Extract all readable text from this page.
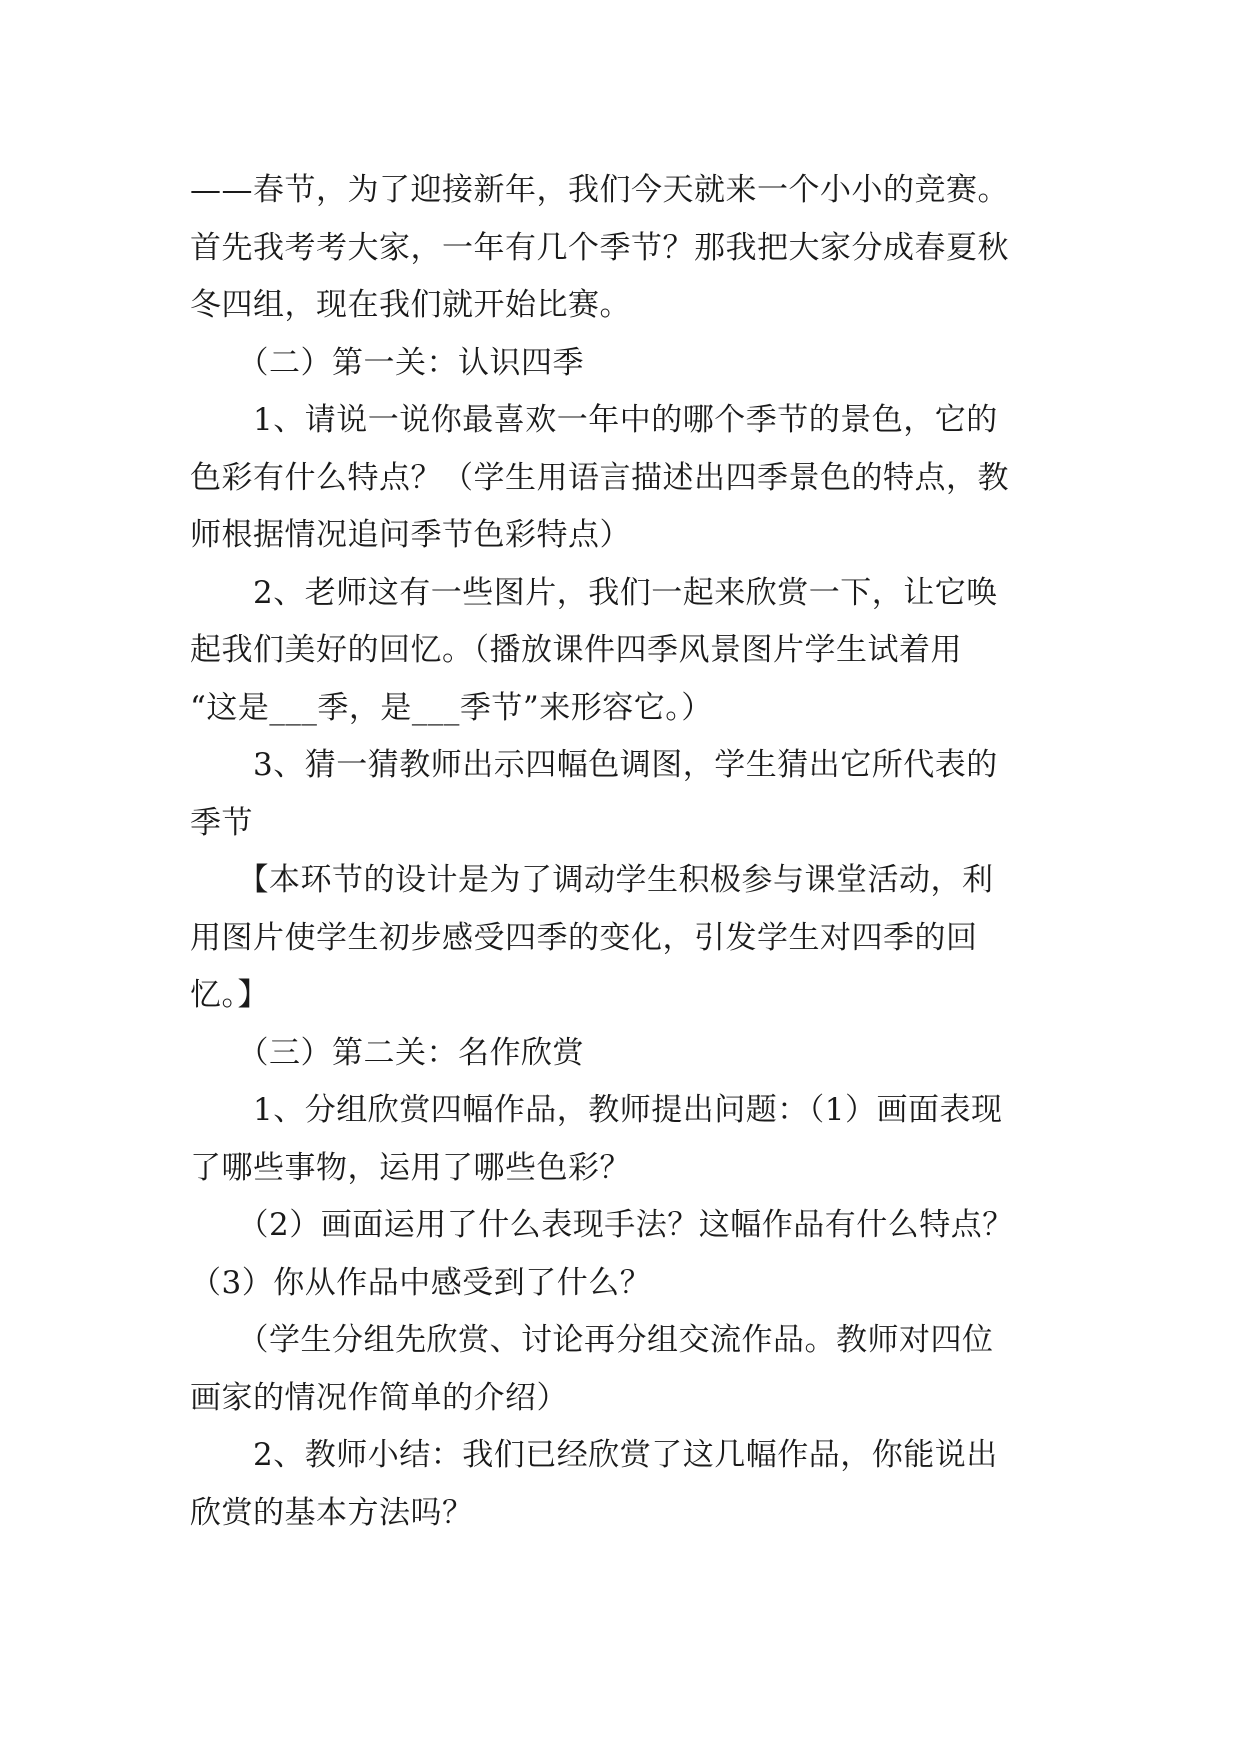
——春节，为了迎接新年，我们今天就来一个小小的竞赛。
首先我考考大家，一年有几个季节？那我把大家分成春夏秋
冬四组，现在我们就开始比赛。
　　（二）第一关：认识四季
　　1、请说一说你最喜欢一年中的哪个季节的景色，它的
色彩有什么特点？（学生用语言描述出四季景色的特点，教
师根据情况追问季节色彩特点）
　　2、老师这有一些图片，我们一起来欣赏一下，让它唤
起我们美好的回忆。（播放课件四季风景图片学生试着用
“这是___季，是___季节”来形容它。）
　　3、猜一猜教师出示四幅色调图，学生猜出它所代表的
季节
　　【本环节的设计是为了调动学生积极参与课堂活动，利
用图片使学生初步感受四季的变化，引发学生对四季的回
忆。】
　　（三）第二关：名作欣赏
　　1、分组欣赏四幅作品，教师提出问题：（1）画面表现
了哪些事物，运用了哪些色彩？
　　（2）画面运用了什么表现手法？这幅作品有什么特点？
（3）你从作品中感受到了什么？
　　（学生分组先欣赏、讨论再分组交流作品。教师对四位
画家的情况作简单的介绍）
　　2、教师小结：我们已经欣赏了这几幅作品，你能说出
欣赏的基本方法吗？
